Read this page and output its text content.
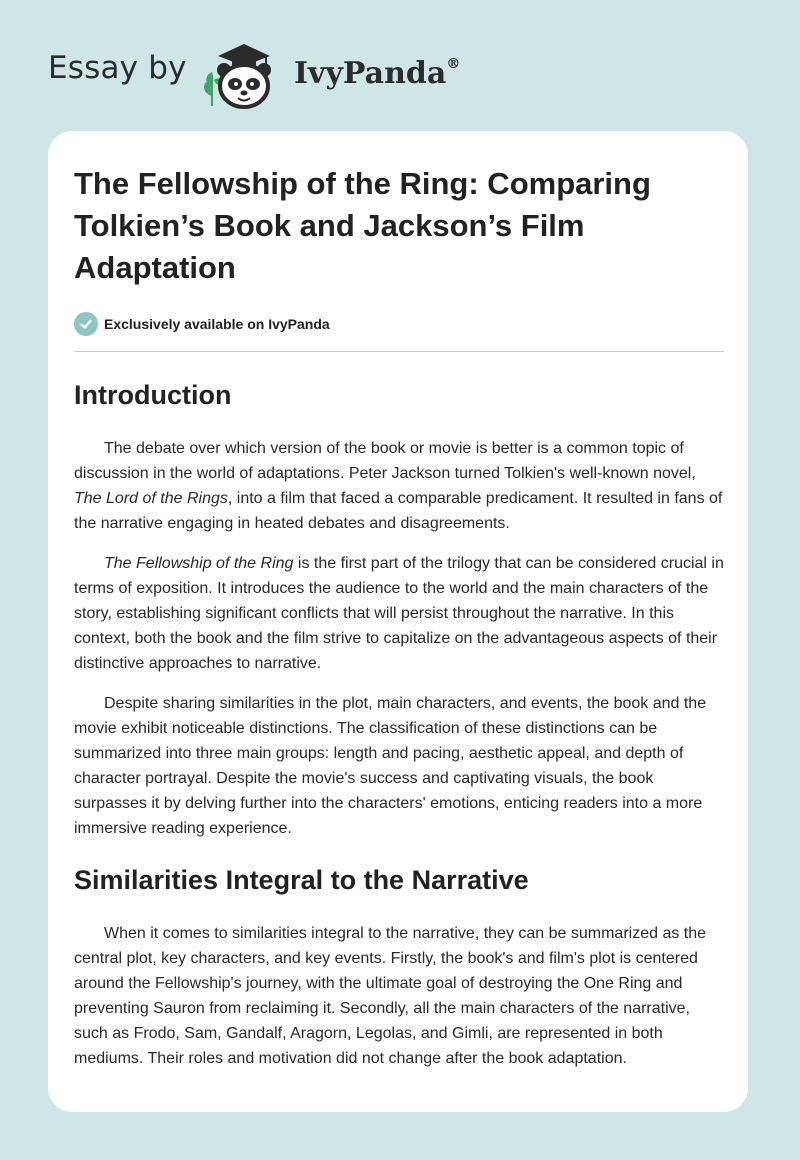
Essay by	IvyPanda®
The Fellowship of the Ring: Comparing Tolkien’s Book and Jackson’s Film Adaptation
Exclusively available on IvyPanda
Introduction

The debate over which version of the book or movie is better is a common topic of discussion in the world of adaptations. Peter Jackson turned Tolkien's well-known novel, The Lord of the Rings, into a film that faced a comparable predicament. It resulted in fans of the narrative engaging in heated debates and disagreements.

The Fellowship of the Ring is the first part of the trilogy that can be considered crucial in terms of exposition. It introduces the audience to the world and the main characters of the story, establishing significant conflicts that will persist throughout the narrative. In this context, both the book and the film strive to capitalize on the advantageous aspects of their distinctive approaches to narrative.

Despite sharing similarities in the plot, main characters, and events, the book and the movie exhibit noticeable distinctions. The classification of these distinctions can be summarized into three main groups: length and pacing, aesthetic appeal, and depth of character portrayal. Despite the movie's success and captivating visuals, the book surpasses it by delving further into the characters' emotions, enticing readers into a more immersive reading experience.

Similarities Integral to the Narrative

When it comes to similarities integral to the narrative, they can be summarized as the central plot, key characters, and key events. Firstly, the book's and film's plot is centered around the Fellowship's journey, with the ultimate goal of destroying the One Ring and preventing Sauron from reclaiming it. Secondly, all the main characters of the narrative, such as Frodo, Sam, Gandalf, Aragorn, Legolas, and Gimli, are represented in both mediums. Their roles and motivation did not change after the book adaptation.
